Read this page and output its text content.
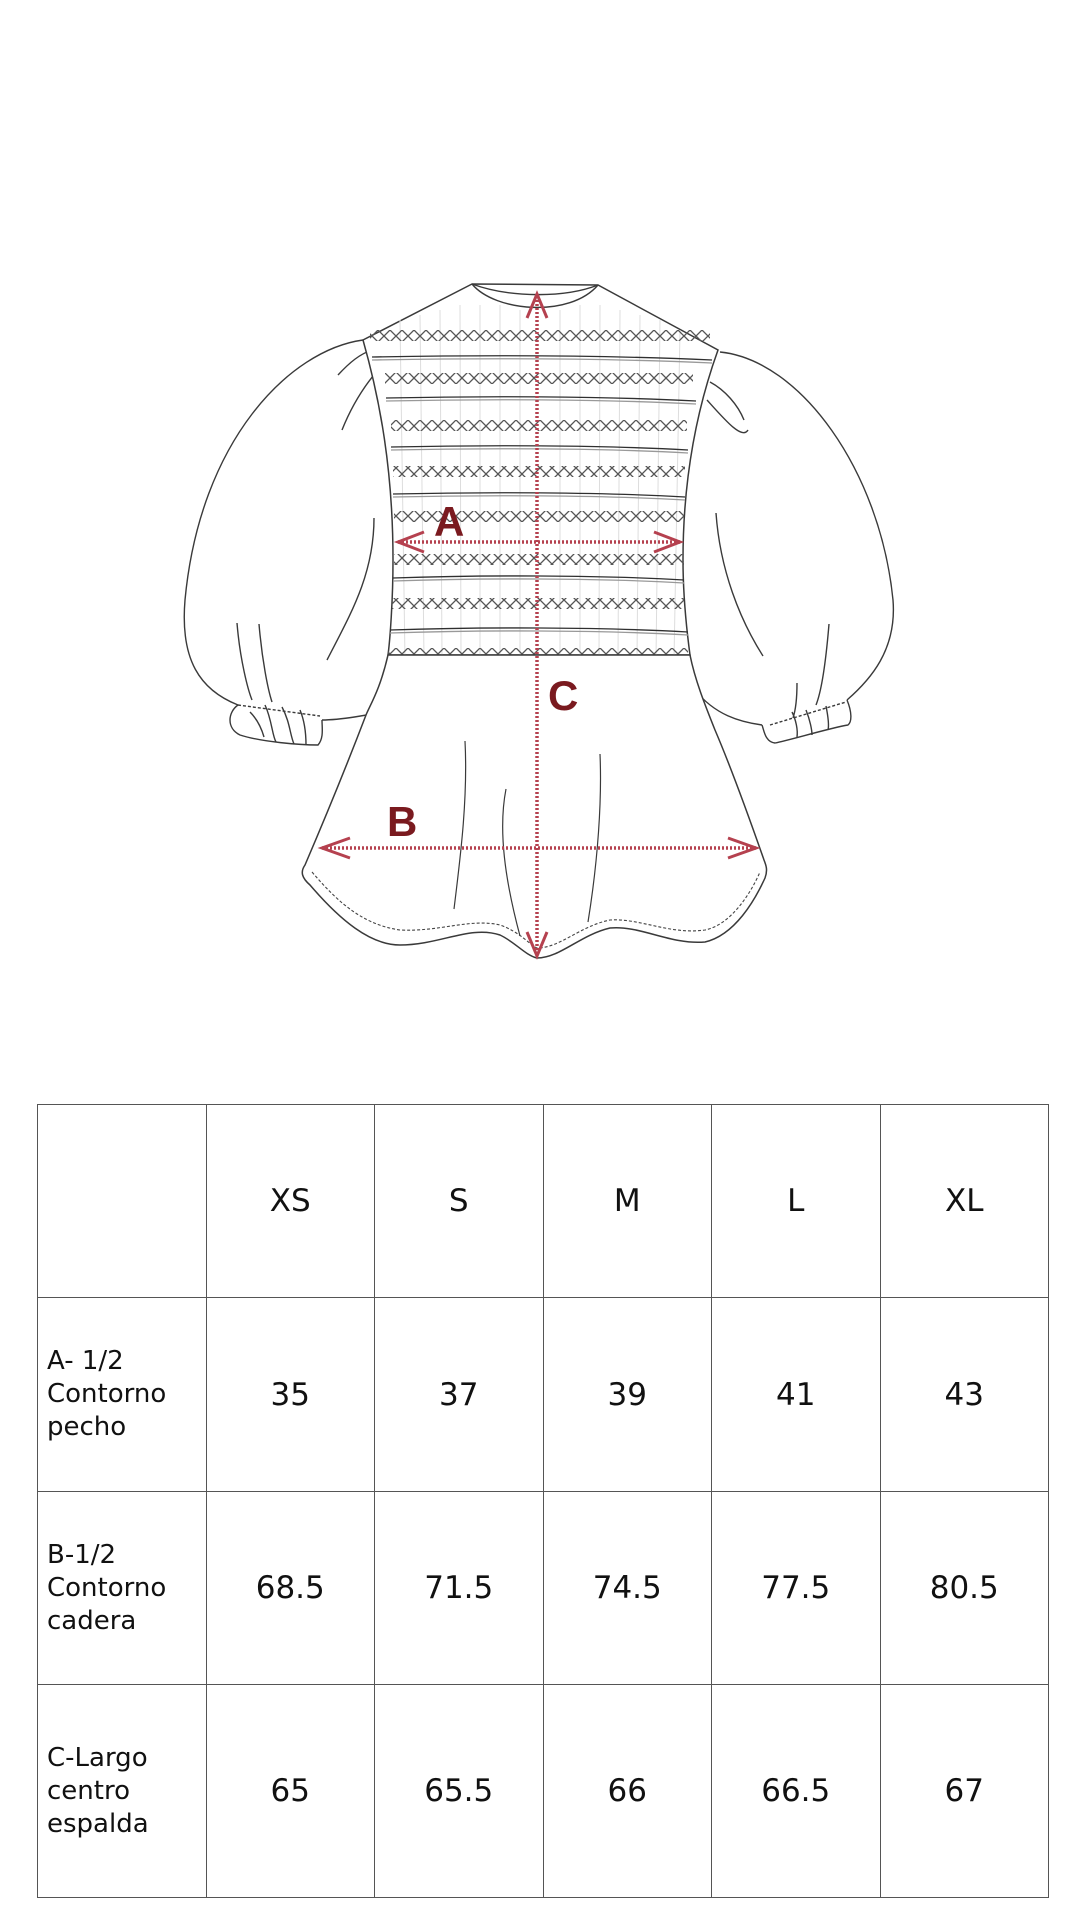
A
B
C
	XS	S	M	L	XL

A- 1/2
Contorno
pecho	35	37	39	41	43

B-1/2
Contorno
cadera	68.5	71.5	74.5	77.5	80.5

C-Largo
centro
espalda	65	65.5	66	66.5	67
